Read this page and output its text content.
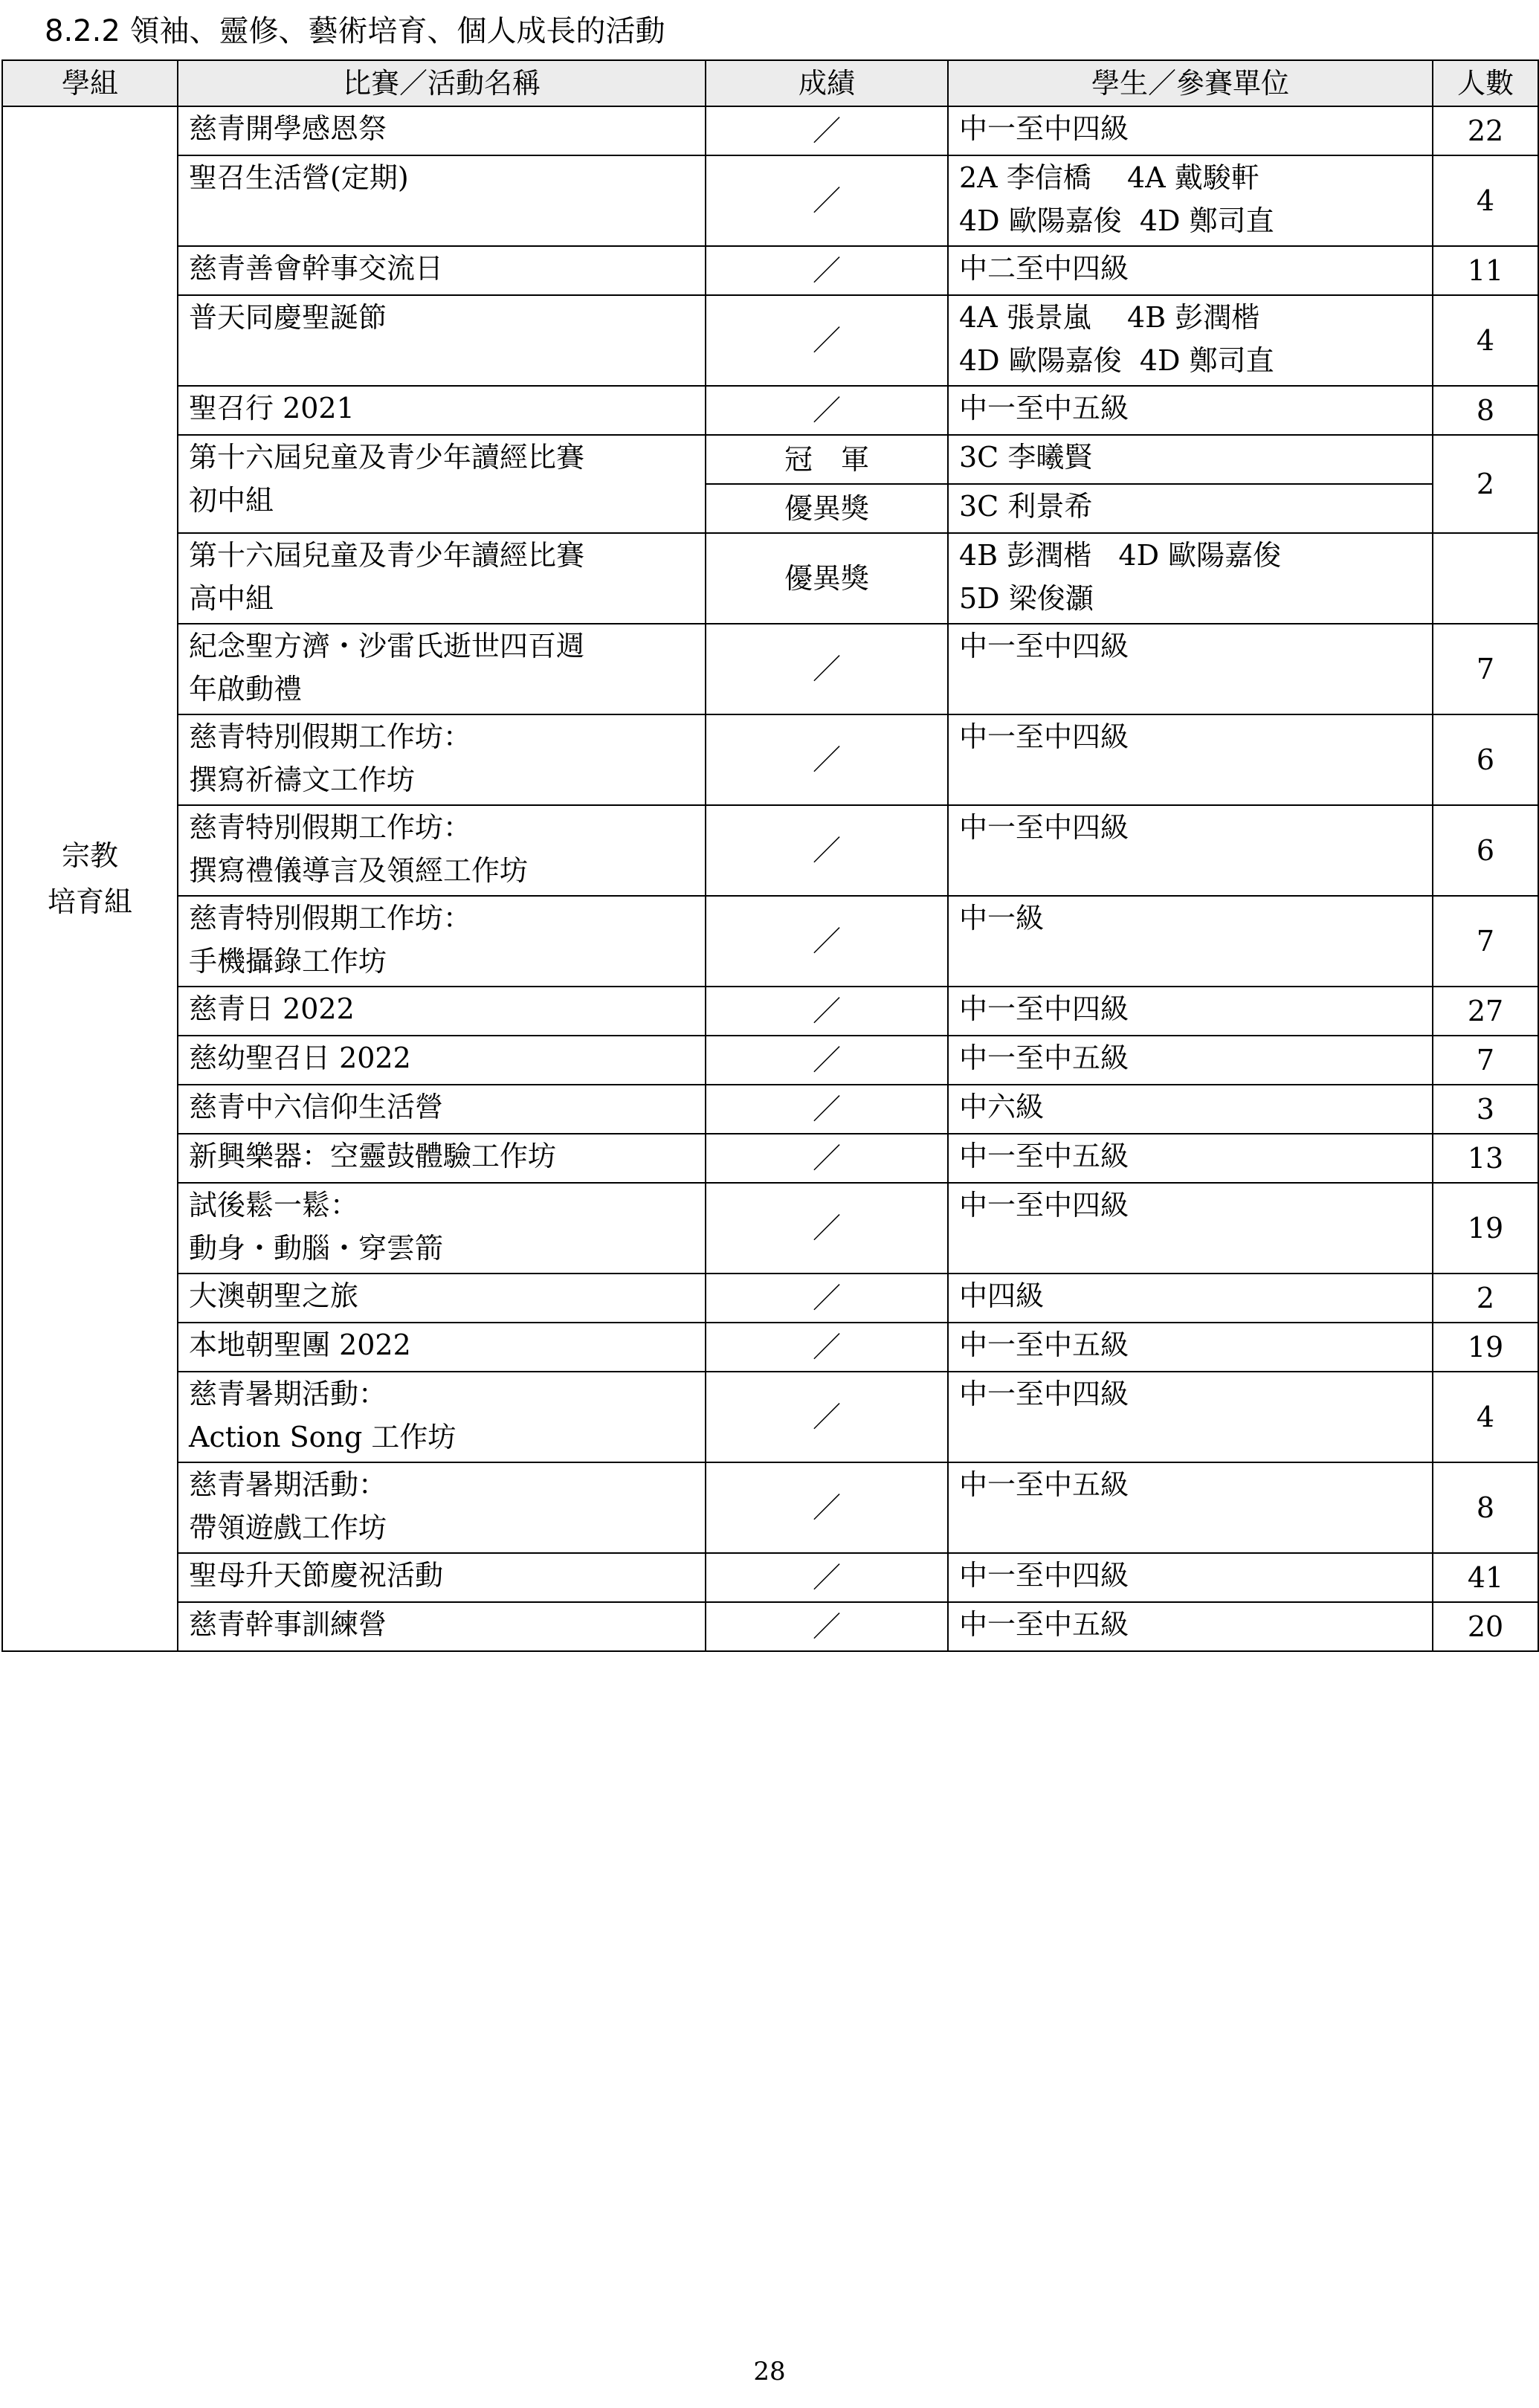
8.2.2 領袖、靈修、藝術培育、個人成長的活動
學組	比賽／活動名稱	成績	學生／參賽單位	人數

宗教
培育組	慈青開學感恩祭	／	中一至中四級	22
	聖召生活營(定期)	／	2A 李信橋    4A 戴駿軒
4D 歐陽嘉俊  4D 鄭司直	4
	慈青善會幹事交流日	／	中二至中四級	11
	普天同慶聖誕節	／	4A 張景嵐    4B 彭潤楷
4D 歐陽嘉俊  4D 鄭司直	4
	聖召行 2021	／	中一至中五級	8
	第十六屆兒童及青少年讀經比賽
初中組	冠　軍	3C 李曦賢	2
		優異獎	3C 利景希	
	第十六屆兒童及青少年讀經比賽
高中組	優異獎	4B 彭潤楷   4D 歐陽嘉俊
5D 梁俊灝	
	紀念聖方濟・沙雷氏逝世四百週
年啟動禮	／	中一至中四級	7
	慈青特別假期工作坊：
撰寫祈禱文工作坊	／	中一至中四級	6
	慈青特別假期工作坊：
撰寫禮儀導言及領經工作坊	／	中一至中四級	6
	慈青特別假期工作坊：
手機攝錄工作坊	／	中一級	7
	慈青日 2022	／	中一至中四級	27
	慈幼聖召日 2022	／	中一至中五級	7
	慈青中六信仰生活營	／	中六級	3
	新興樂器：空靈鼓體驗工作坊	／	中一至中五級	13
	試後鬆一鬆：
動身・動腦・穿雲箭	／	中一至中四級	19
	大澳朝聖之旅	／	中四級	2
	本地朝聖團 2022	／	中一至中五級	19
	慈青暑期活動：
Action Song 工作坊	／	中一至中四級	4
	慈青暑期活動：
帶領遊戲工作坊	／	中一至中五級	8
	聖母升天節慶祝活動	／	中一至中四級	41
	慈青幹事訓練營	／	中一至中五級	20
28
